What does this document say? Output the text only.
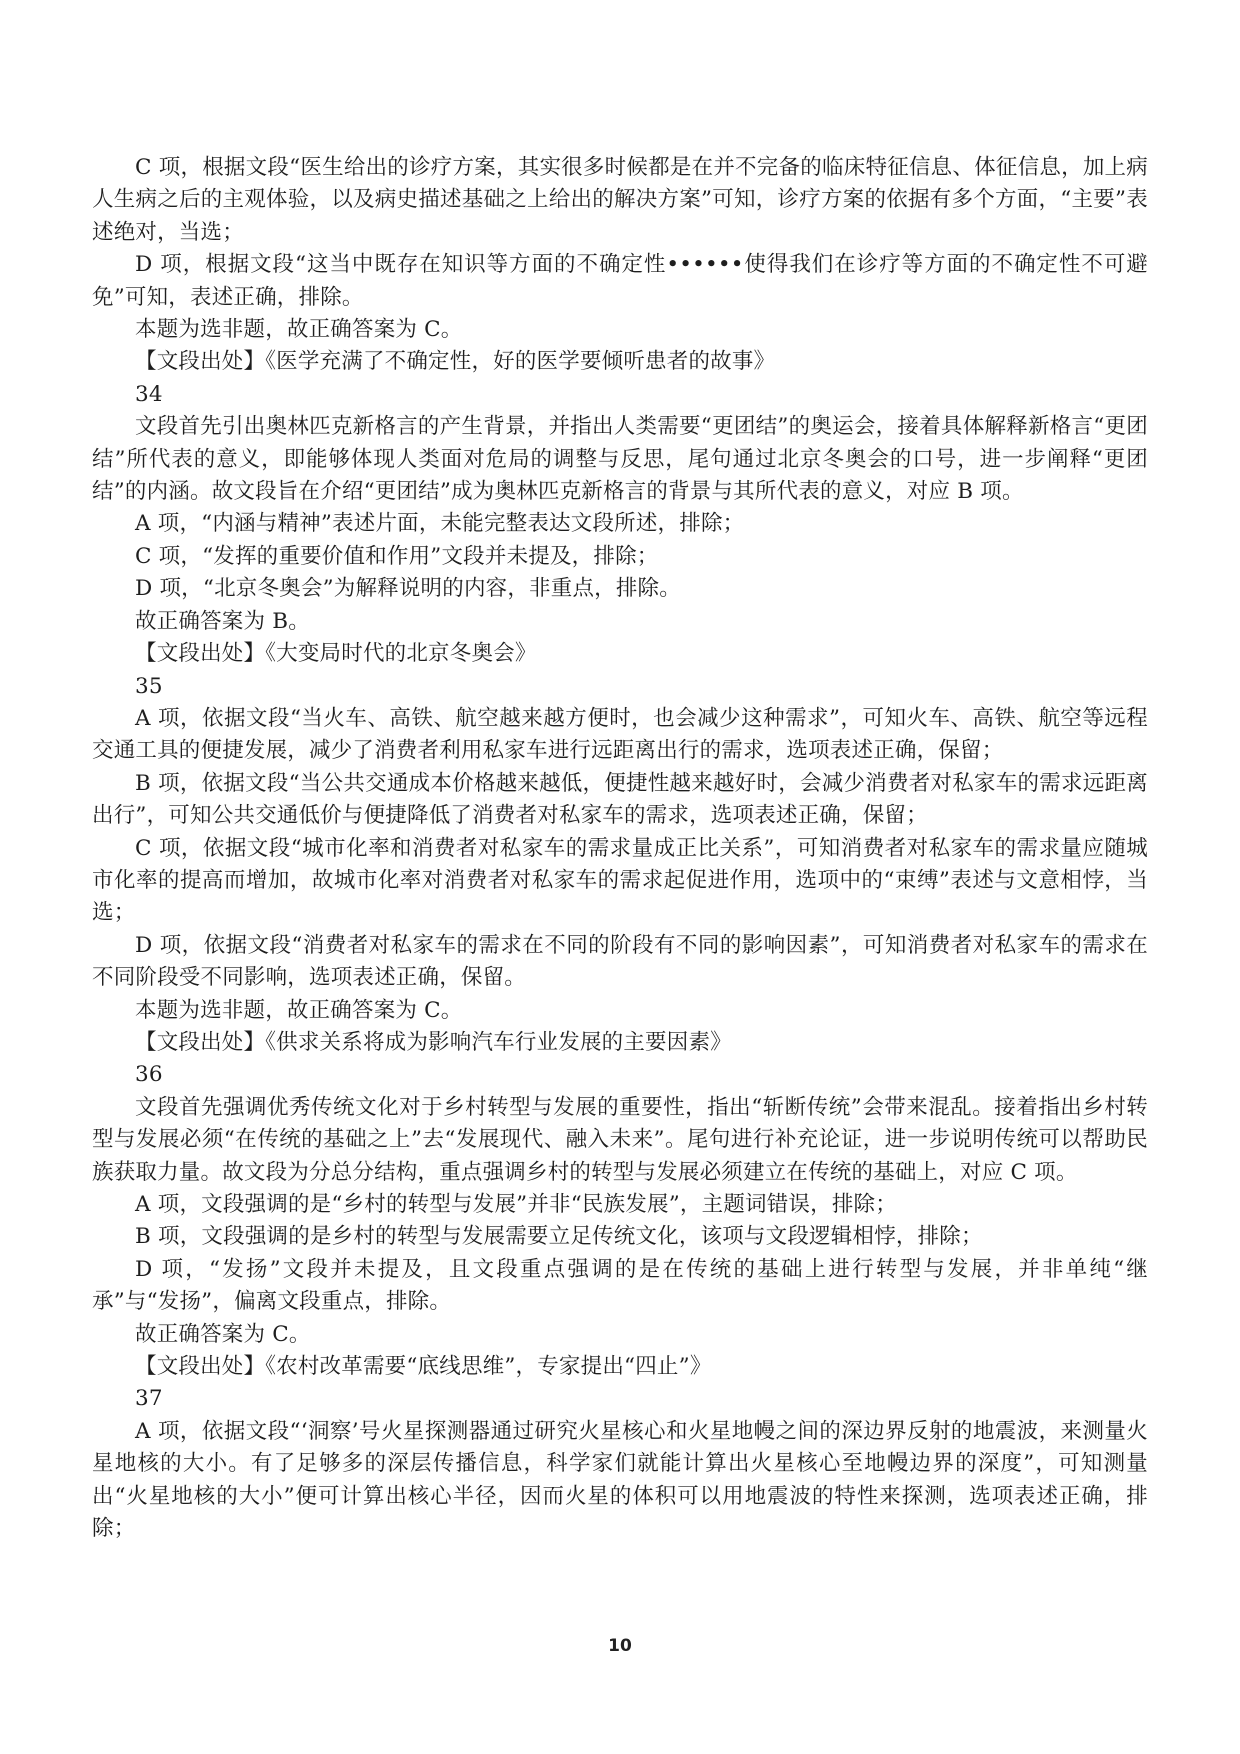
C 项，根据文段“医生给出的诊疗方案，其实很多时候都是在并不完备的临床特征信息、体征信息，加上病人生病之后的主观体验，以及病史描述基础之上给出的解决方案”可知，诊疗方案的依据有多个方面，“主要”表述绝对，当选；

D 项，根据文段“这当中既存在知识等方面的不确定性••••••使得我们在诊疗等方面的不确定性不可避免”可知，表述正确，排除。

本题为选非题，故正确答案为 C。

【文段出处】《医学充满了不确定性，好的医学要倾听患者的故事》

34

文段首先引出奥林匹克新格言的产生背景，并指出人类需要“更团结”的奥运会，接着具体解释新格言“更团结”所代表的意义，即能够体现人类面对危局的调整与反思，尾句通过北京冬奥会的口号，进一步阐释“更团结”的内涵。故文段旨在介绍“更团结”成为奥林匹克新格言的背景与其所代表的意义，对应 B 项。

A 项，“内涵与精神”表述片面，未能完整表达文段所述，排除；

C 项，“发挥的重要价值和作用”文段并未提及，排除；

D 项，“北京冬奥会”为解释说明的内容，非重点，排除。

故正确答案为 B。

【文段出处】《大变局时代的北京冬奥会》

35

A 项，依据文段“当火车、高铁、航空越来越方便时，也会减少这种需求”，可知火车、高铁、航空等远程交通工具的便捷发展，减少了消费者利用私家车进行远距离出行的需求，选项表述正确，保留；

B 项，依据文段“当公共交通成本价格越来越低，便捷性越来越好时，会减少消费者对私家车的需求远距离出行”，可知公共交通低价与便捷降低了消费者对私家车的需求，选项表述正确，保留；

C 项，依据文段“城市化率和消费者对私家车的需求量成正比关系”，可知消费者对私家车的需求量应随城市化率的提高而增加，故城市化率对消费者对私家车的需求起促进作用，选项中的“束缚”表述与文意相悖，当选；

D 项，依据文段“消费者对私家车的需求在不同的阶段有不同的影响因素”，可知消费者对私家车的需求在不同阶段受不同影响，选项表述正确，保留。

本题为选非题，故正确答案为 C。

【文段出处】《供求关系将成为影响汽车行业发展的主要因素》

36

文段首先强调优秀传统文化对于乡村转型与发展的重要性，指出“斩断传统”会带来混乱。接着指出乡村转型与发展必须“在传统的基础之上”去“发展现代、融入未来”。尾句进行补充论证，进一步说明传统可以帮助民族获取力量。故文段为分总分结构，重点强调乡村的转型与发展必须建立在传统的基础上，对应 C 项。

A 项，文段强调的是“乡村的转型与发展”并非“民族发展”，主题词错误，排除；

B 项，文段强调的是乡村的转型与发展需要立足传统文化，该项与文段逻辑相悖，排除；

D 项，“发扬”文段并未提及，且文段重点强调的是在传统的基础上进行转型与发展，并非单纯“继承”与“发扬”，偏离文段重点，排除。

故正确答案为 C。

【文段出处】《农村改革需要“底线思维”，专家提出“四止”》

37

A 项，依据文段“‘洞察’号火星探测器通过研究火星核心和火星地幔之间的深边界反射的地震波，来测量火星地核的大小。有了足够多的深层传播信息，科学家们就能计算出火星核心至地幔边界的深度”，可知测量出“火星地核的大小”便可计算出核心半径，因而火星的体积可以用地震波的特性来探测，选项表述正确，排除；

10
